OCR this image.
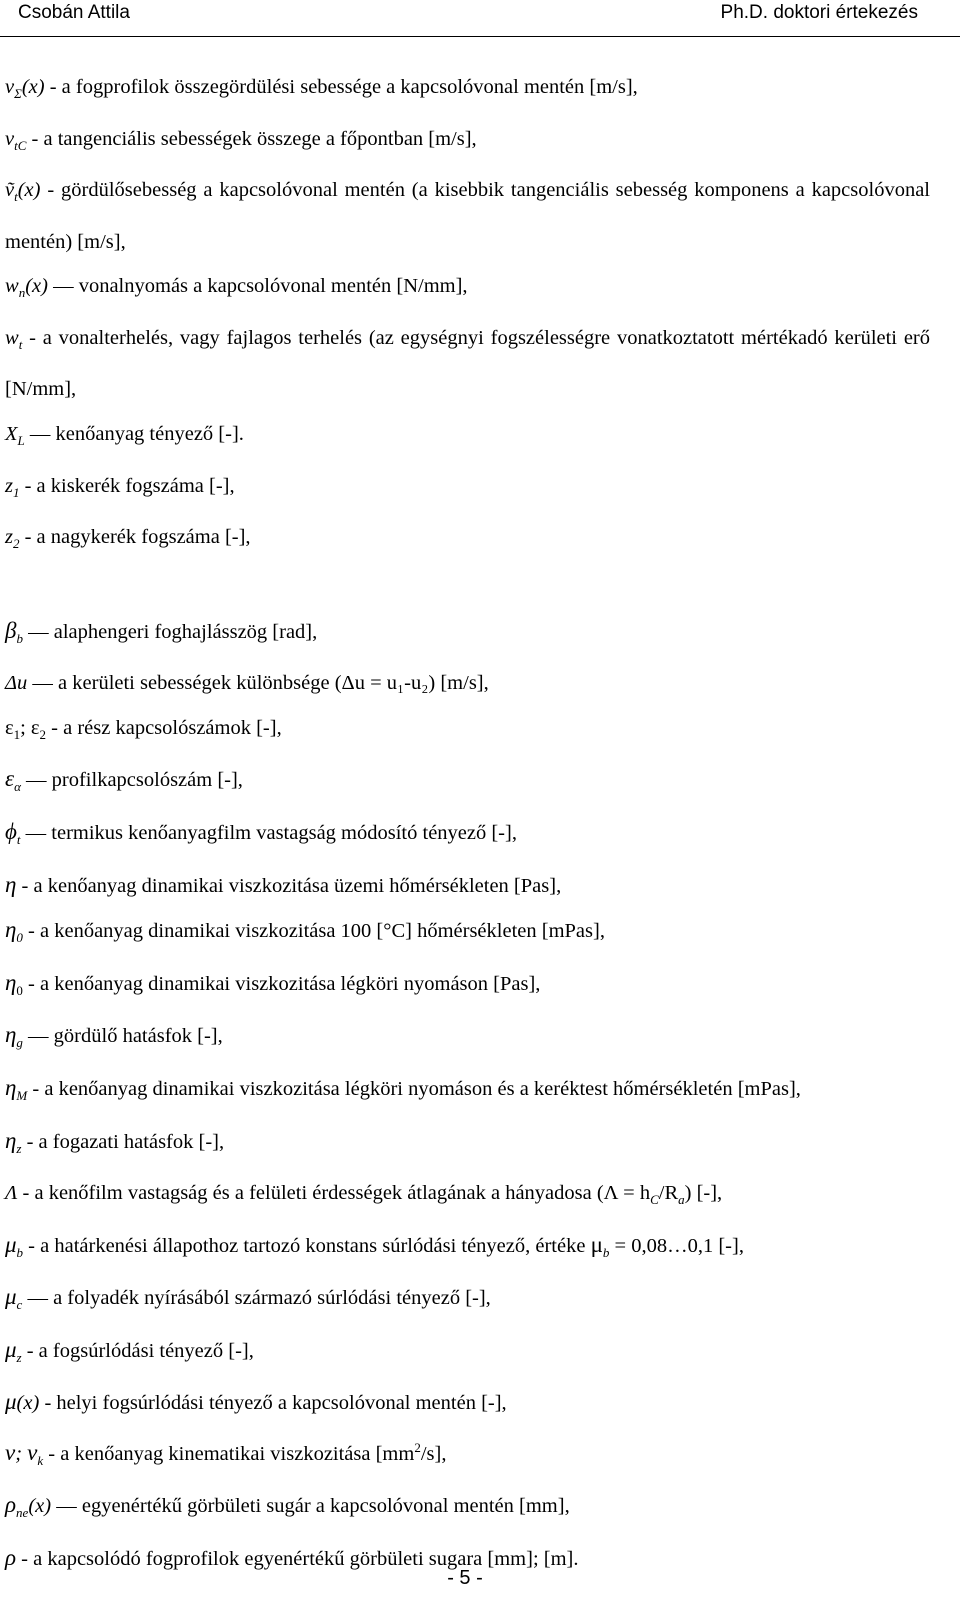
Csobán Attila	Ph.D. doktori értekezés

$v_\Sigma(x)$ - a fogprofilok összegördülési sebessége a kapcsolóvonal mentén [m/s],

$v_{tC}$ - a tangenciális sebességek összege a főpontban [m/s],

ṽ$_t$(x) - gördülősebesség a kapcsolóvonal mentén (a kisebbik tangenciális sebesség komponens a kapcsolóvonal mentén) [m/s],

$w_n(x)$ — vonalnyomás a kapcsolóvonal mentén [N/mm],

$w_t$ - a vonalterhelés, vagy fajlagos terhelés (az egységnyi fogszélességre vonatkoztatott mértékadó kerületi erő [N/mm],

$X_L$ — kenőanyag tényező [-].

$z_1$ - a kiskerék fogszáma [-],

$z_2$ - a nagykerék fogszáma [-],

$\beta_b$ — alaphengeri foghajlásszög [rad],

Δu — a kerületi sebességek különbsége (Δu = u₁-u₂) [m/s],

$\varepsilon_1$; $\varepsilon_2$ - a rész kapcsolószámok [-],

$\varepsilon_\alpha$ — profilkapcsolószám [-],

$\phi_t$ — termikus kenőanyagfilm vastagság módosító tényező [-],

η - a kenőanyag dinamikai viszkozitása üzemi hőmérsékleten [Pas],

$\eta_0$ - a kenőanyag dinamikai viszkozitása 100 [°C] hőmérsékleten [mPas],

$\eta_0$ - a kenőanyag dinamikai viszkozitása légköri nyomáson [Pas],

$\eta_g$ — gördülő hatásfok [-],

$\eta_M$ - a kenőanyag dinamikai viszkozitása légköri nyomáson és a keréktest hőmérsékletén [mPas],

$\eta_z$ - a fogazati hatásfok [-],

Λ - a kenőfilm vastagság és a felületi érdességek átlagának a hányadosa $(\Lambda = h_C/R_a)$ [-],

$\mu_b$ - a határkenési állapothoz tartozó konstans súrlódási tényező, értéke $\mu_b$ = 0,08…0,1 [-],

$\mu_c$ — a folyadék nyírásából származó súrlódási tényező [-],

$\mu_z$ - a fogsúrlódási tényező [-],

μ(x) - helyi fogsúrlódási tényező a kapcsolóvonal mentén [-],

ν; $\nu_k$ - a kenőanyag kinematikai viszkozitása $[mm^2/s]$,

$\rho_{ne}(x)$ — egyenértékű görbületi sugár a kapcsolóvonal mentén [mm],

ρ - a kapcsolódó fogprofilok egyenértékű görbületi sugara [mm]; [m].

- 5 -
